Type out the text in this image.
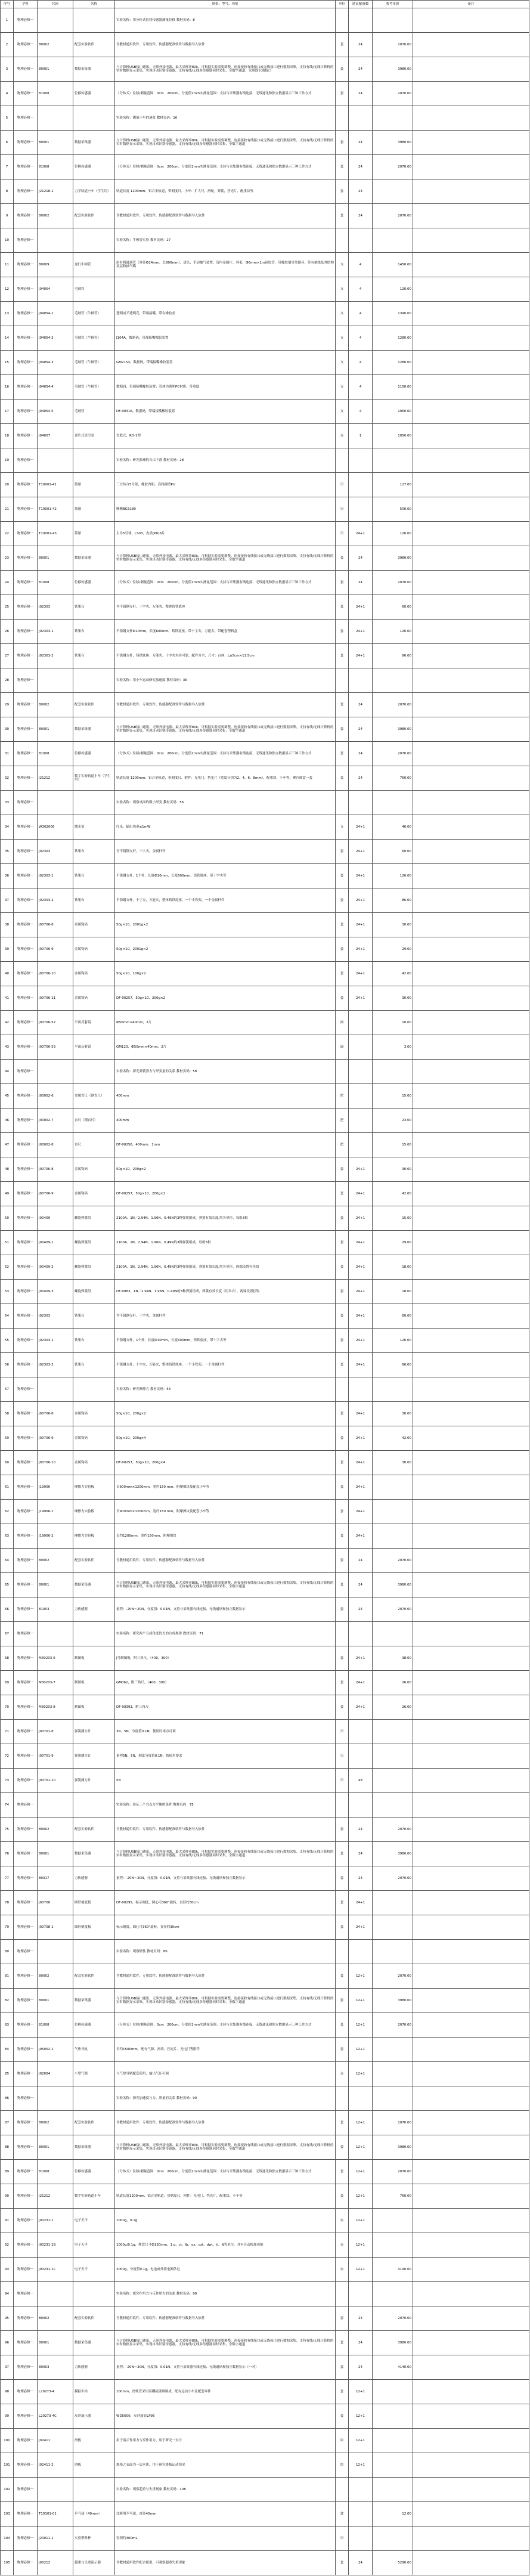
序号	学科	代码	名称	规格、型号、功能	单位	建议配备数	参考单价	备注
1	物理必修一			实验名称：用分体式位移传感器测量位移 教材页码：8				
2	物理必修一	80002	配套实验软件	含教材通用软件、专用软件、传感器配准软件与数据导入软件	套	24	2070.00	
3	物理必修一	80001	数据采集器	与计算机USB接口通讯、无须外接电源、最大采样率80k、可根据实验需要调整、连接接收有线接口或无线接口进行数据采集，支持有线/无线计算机的实时数据显示采集，实现自动识别传感器，支持有线/无线多传感器同时采集，全数字通道，采用即识别接口	套	24	3980.00	
4	物理必修一	81008	位移传感器	（分体式）位移/测量范围：0cm　200cm，分度值1mm实测量范围：支持与采集器有线连接、无线通讯和独立数据显示三种工作方式	套	24	2070.00	
5	物理必修一			实验名称：测量小车的速度 教材页码：16				
6	物理必修一	80001	数据采集器	与计算机USB接口通讯、无须外接电源、最大采样率80k、可根据实验需要调整、连接接收有线接口或无线接口进行数据采集，支持有线/无线计算机的实时数据显示采集，实现自动识别传感器，支持有线/无线多传感器同时采集，全数字通道	套	24	3980.00	
7	物理必修一	81008	位移传感器	（分体式）位移/测量范围：0cm　200cm，分度值1mm实测量范围：支持与采集器有线连接、无线通讯和独立数据显示三种工作方式	套	24	2070.00	
8	物理必修一	J21218-1	力学轨道小车（学生用）	轨道长度 1200mm、铝合金轨道，带刻度尺，小车：扩大尺，滑轮，弹簧，挡光片，配重块等	套	24		
9	物理必修一	80002	配套实验软件	含教材通用软件、专用软件、传感器配准软件与数据导入软件	套	24	2070.00	
10	物理必修一			实验名称：牛顿管实验 教材页码：27				
11	物理必修一	80009	逆行牛顿管	由有机玻璃管（外径Ф24mm，长800mm），进头、手动抽气装置、管内金属片、羽毛、Ф6mm×1m硅胶管，带橡胶端等类器具，带有刻线及其结构双层和抽气嘴	支	4	1450.00	
12	物理必修一	J04054	毛玻管		支	4	120.00	
13	物理必修一	J04054-1	毛玻管（牛顿管）	透明或半透明壳，带端接嘴，带有橡胶盖	支	4	1390.00	
14	物理必修一	J04054-2	毛玻管（牛顿管）	J104A，数据码，带端接嘴橡胶装置	支	4	1280.00	
15	物理必修一	J04054-3	毛玻管（牛顿管）	GM2153，数据码，带端接嘴橡胶装置	支	4	1280.00	
16	物理必修一	J04054-4	毛玻管（牛顿管）	数据码，带端接嘴橡胶装置；管体为透明PC材质，带重度	支	4	1150.00	
17	物理必修一	J04054-5	毛玻管	DF-00316，数据码，带端接嘴橡胶装置	支	4	1050.00	
18	物理必修一	J04007	逆片式真空泵	直联式，RD-1型	台	1	1050.00	
19	物理必修一			实验名称：研究篮球的自由下落 教材页码：28				
20	物理必修一	T10001-41	篮球	三力伟合5号球，橡胶内胆，高档耐磨PU	只		127.00	
21	物理必修一	T10001-42	篮球	摩腾BG3180	只		500.00	
22	物理必修一	T10001-43	篮球	主导5号球，LS03，皮质(PU)6片	只	24+1	120.00	
23	物理必修一	80001	数据采集器	与计算机USB接口通讯、无须外接电源、最大采样率80k、可根据实验需要调整、连接接收有线接口或无线接口进行数据采集，支持有线/无线计算机的实时数据显示采集，实现自动识别传感器，支持有线/无线多传感器同时采集，全数字通道	套	24	3980.00	
24	物理必修一	81008	位移传感器	（分体式）位移/测量范围：0cm　200cm，分度值1mm实测量范围：支持与采集器有线连接、无线通讯和独立数据显示三种工作方式	套	24	2070.00	
25	物理必修一	J02303	铁架台	含不锈钢支杆，十字夹，万能夹，整体铸铁底座	套	24+1	60.00	
26	物理必修一	J02303-1	铁架台	不锈钢支杆Ф10mm，长度600mm，铸铁底座，带十字夹、万能夹、带配套塑料盒	套	24+1	120.00	
27	物理必修一	J02303-2	铁架台	不锈钢支杆，铸铁底座；万能夹、十字夹夹持可靠，配件齐全，尺寸：台座：L≥5cm×11.5cm	套	24+1	86.00	
28	物理必修一			实验名称：用小车运动研究加速度 教材页码：36				
29	物理必修一	80002	配套实验软件	含教材通用软件、专用软件、传感器配准软件与数据导入软件	套	24	2070.00	
30	物理必修一	80001	数据采集器	与计算机USB接口通讯、无须外接电源、最大采样率80k、可根据实验需要调整、连接接收有线接口或无线接口进行数据采集，支持有线/无线计算机的实时数据显示采集，实现自动识别传感器，支持有线/无线多传感器同时采集，全数字通道	套	24	3980.00	
31	物理必修一	81008	位移传感器	（分体式）位移/测量范围：0cm　200cm，分度值1mm实测量范围：支持与采集器有线连接、无线通讯和独立数据显示三种工作方式	套	24	2070.00	
32	物理必修一	J21212	数字实验轨道小车（学生用）	轨道长度 1200mm、铝合金轨道，带刻度尺，附件：光电门，挡光片（宽度分别为2、4、6、8mm）、配重块、小车等，聚丙烯盒一套	套	24	760.00	
33	物理必修一			实验名称：观察桌面的微小形变 教材页码：56				
34	物理必修一	W302006	激光笔	红光，输出功率≤1mW	支	24+1	46.00	
35	物理必修一	J02303	铁架台	含不锈钢支杆，十字夹，金属杆件	套	24+1	60.00	
36	物理必修一	J02303-1	铁架台	不锈钢支杆，1个杆，长度Ф10mm，长度600mm，铸铁底座，带十字夹等	套	24+1	120.00	
37	物理必修一	J02303-2	铁架台	不锈钢支杆，十字夹，万能夹，整体铸铁底座，一个小铁架，一个金属杆件	套	24+1	86.00	
38	物理必修一	J00706-8	金属钩码	50g×10，2001g×2	套	24+1	30.00	
39	物理必修一	J00706-9	金属钩码	50g×10，2001g×2	套	24+1	29.00	
40	物理必修一	J00706-10	金属钩码	50g×10，100g×2	套	24+1	42.00	
41	物理必修一	J00706-11	金属钩码	DF-00257，50g×10，200g×2	套	24+1	30.00	
42	物理必修一	J00706-52	平面反射镜	Ф50mm×40mm，2片	面		10.00	
43	物理必修一	J00706-53	平面反射镜	GM123，Ф50mm×40mm，2片	面		3.00	
44	物理必修一			实验名称：探究弹簧弹力与形变量的关系 教材页码：58				
45	物理必修一	J00002-6	金属直尺（钢直尺）	400mm	把		15.00	
46	物理必修一	J00002-7	直尺（钢直尺）	400mm	把		23.00	
47	物理必修一	J00002-8	直尺	DF-00256，400mm，1mm	把		15.00	
48	物理必修一	J00706-8	金属钩码	50g×10，200g×2	套	24+1	30.00	
49	物理必修一	J00706-9	金属钩码	DF-00257，50g×10，200g×2	套	24+1	42.00	
50	物理必修一	J00409	螺旋弹簧组	2100A、1N／2.94N、1.96N、0.49N的3种弹簧组成，弹簧有效长度/用各单位，每组3根	套	24+1	15.00	
51	物理必修一	J00409-1	螺旋弹簧组	2100A、1N、2.94N、1.96N、0.49N的3种弹簧组成，每组3根	套	24+1	29.00	
52	物理必修一	J00409-2	螺旋弹簧组	2100A，1N、2.94N、1.96N、0.49N的3种弹簧组成，弹簧有效长度/用各单位，两端设置有挂钩	套	24+1	18.00	
53	物理必修一	J00409-3	螺旋弹簧组	DF-0083，1N／2.94N、1.96N、0.49N的3种弹簧组成，弹簧有效长度（用各自）、两端设置挂钩	套	24+1	18.00	
54	物理必修一	J02303	铁架台	含不锈钢支杆，十字夹，金属杆件	套	24+1	60.00	
55	物理必修一	J02303-1	铁架台	不锈钢支杆，1个杆，长度Ф10mm，长度600mm，铸铁底座，带十字夹等	套	24+1	120.00	
56	物理必修一	J02303-2	铁架台	不锈钢支杆，十字夹，万能夹，整体铸铁底座，一个小铁架，一个金属杆件	套	24+1	86.00	
57	物理必修一			实验名称：研究摩擦力 教材页码：53				
58	物理必修一	J00706-8	金属钩码	50g×10，200g×2	套	24+1	30.00	
59	物理必修一	J00706-9	金属钩码	50g×10，200g×4	套	24+1	42.00	
60	物理必修一	J00706-10	金属钩码	DF-00257，50g×10，200g×4	套	24+1	30.00	
61	物理必修一	J19906	摩擦力实验板	长900mm×1200mm，宽约150 mm，附摩擦块及配套小车等	套	24+1		
62	物理必修一	J19906-1	摩擦力实验板	长900mm×1200mm，宽约150 mm，附摩擦块及配套小车等	套	24+1		
63	物理必修一	J19906-2	摩擦力实验板	长约1200mm，宽约150mm，附摩擦块	套	24+1		
64	物理必修一	80002	配套实验软件	含教材通用软件、专用软件、传感器配准软件与数据导入软件	套	24	2070.00	
65	物理必修一	80001	数据采集器	与计算机USB接口通讯、无须外接电源、最大采样率80k、可根据实验需要调整、连接接收有线接口或无线接口进行数据采集，支持有线/无线计算机的实时数据显示采集，实现自动识别传感器，支持有线/无线多传感器同时采集，全数字通道	套	24	3980.00	
66	物理必修一	81003	力传感器	量程：-20N～20N，分度值：0.01N，支持与采集器有线连接、无线通讯和独立数据显示	套	24	2070.00	
67	物理必修一			实验名称：探究两个互成角度的力的合成规律 教材页码：71				
68	物理必修一	M30203-6	制图板	J号制图板，附三角尺，（400，300）	套	24+1	38.00	
69	物理必修一	M30203-7	制图板	GM062，附三角尺，（400，300）	套	24+1	26.00	
70	物理必修一	M30203-8	制图板	DF-00393，附三角尺	套	24+1	26.00	
71	物理必修一	J00701-8	弹簧测力计	3N、5N，分度值0.1N，使用时零点可调	只			
72	物理必修一	J00701-9	弹簧测力计	量程5N、5N，刻度分度值0.1N，按使用要求	只			
73	物理必修一	J00701-10	弹簧测力计	5N	只	48		
74	物理必修一			实验名称：验证三个共点力平衡的条件 教材页码：75				
75	物理必修一	80002	配套实验软件	含教材通用软件、专用软件、传感器配准软件与数据导入软件	套	24	2070.00	
76	物理必修一	80001	数据采集器	与计算机USB接口通讯、无须外接电源、最大采样率80k、可根据实验需要调整、连接接收有线接口或无线接口进行数据采集，支持有线/无线计算机的实时数据显示采集，实现自动识别传感器，支持有线/无线多传感器同时采集，全数字通道	套	24	3980.00	
77	物理必修一	80317	力传感器	量程：-20N～20N，分度值：0.01N，支持与采集器有线连接、无线通讯和独立数据显示	套	24	2070.00	
78	物理必修一	J00708	圆形刻度板	DF-00295，标示刻度，圆心可360°旋转，直径约30cm	套	24+1		
79	物理必修一	J00708-1	圆形刻度板	标示刻度，圆心可360°旋转，直径约30cm	套	24+1		
80	物理必修一			实验名称：观察惯性 教材页码：86				
81	物理必修一	80002	配套实验软件	含教材通用软件、专用软件、传感器配准软件与数据导入软件	套	12+1	2070.00	
82	物理必修一	80001	数据采集器	与计算机USB接口通讯、无须外接电源、最大采样率80k、可根据实验需要调整、连接接收有线接口或无线接口进行数据采集，支持有线/无线计算机的实时数据显示采集，实现自动识别传感器，支持有线/无线多传感器同时采集，全数字通道	套	12+1	3980.00	
83	物理必修一	81008	位移传感器	（分体式）位移/测量范围：0cm　200cm，分度值1mm实测量范围：支持与采集器有线连接、无线通讯和独立数据显示三种工作方式	套	12+1	2070.00	
84	物理必修一	J05002-1	气垫导轨	长约1500mm，配有气源、滑块、挡光片、光电门等附件	套	12+1		
85	物理必修一	J02004	小型气源	与气垫导轨配套使用，输出气压可调	台	12+1		
86	物理必修一			实验名称：探究加速度与力、质量的关系 教材页码：90				
87	物理必修一	80002	配套实验软件	含教材通用软件、专用软件、传感器配准软件与数据导入软件	套	12+1	2070.00	
88	物理必修一	80001	数据采集器	与计算机USB接口通讯、无须外接电源、最大采样率80k、可根据实验需要调整、连接接收有线接口或无线接口进行数据采集，支持有线/无线计算机的实时数据显示采集，实现自动识别传感器，支持有线/无线多传感器同时采集，全数字通道	套	12+1	3980.00	
89	物理必修一	81008	位移传感器	（分体式）位移/测量范围：0cm　200cm，分度值1mm实测量范围：支持与采集器有线连接、无线通讯和独立数据显示三种工作方式	套	12+1	2070.00	
90	物理必修一	J21212	数字实验轨道小车	轨道长度1200mm、铝合金轨道，带刻度尺，附件：光电门、挡光片、配重块、小车等	套	12+1	760.00	
91	物理必修一	J00231-1	电子天平	1000g，0.1g	台	12+1		
92	物理必修一	J00231-1B	电子天平	1000g/0.1g，秤盘尺寸Ф130mm，1 g、ct、lb、oz、ozt、dwt、tl、N等单位，具有自动校准功能	台	12+1		
93	物理必修一	J00231-1C	电子天平	2000g，分度值0.1g，电池或外接电源供电	台	12+1	4190.00	
94	物理必修一			实验名称：探究作用力与反作用力的关系 教材页码：99				
95	物理必修一	80002	配套实验软件	含教材通用软件、专用软件、传感器配准软件与数据导入软件	套	24	2070.00	
96	物理必修一	80001	数据采集器	与计算机USB接口通讯、无须外接电源、最大采样率80k、可根据实验需要调整、连接接收有线接口或无线接口进行数据采集，支持有线/无线计算机的实时数据显示采集，实现自动识别传感器，支持有线/无线多传感器同时采集，全数字通道	套	24	3980.00	
97	物理必修一	80003	力传感器	量程：-20N～20N，分度值：0.01N，支持与采集器有线连接、无线通讯和独立数据显示（一对）	套	24	4140.00	
98	物理必修一	L20273-4	模拟车站	100mm，滑轨管采用高硼硅玻璃制成，配有运动小车及配套零件	套	12+1		
99	物理必修一	L20273-4C	反冲演示器	WD5600，反冲演管LP95	套	12+1		
100	物理必修一	J02411	滑板	用于演示作用力与反作用力、用于研究一对力	块	12+1		
101	物理必修一	J02411-2	滑板	规格之表面为一层木质，用于研究滑板运动情况	块	12+1		
102	物理必修一			实验名称：观察超重与失重现象 教材页码：108				
103	物理必修一	T10101-01	乒乓球（40mm）	比赛用乒乓球，直径40mm	盒		12.00	
104	物理必修一	J20011-1	实验塑料杯	容积约300mL	只			
105	物理必修一	J00212	超重与失重演示器	含教材通用软件配合使用，可观察超重失重现象	套	24	5290.00	
